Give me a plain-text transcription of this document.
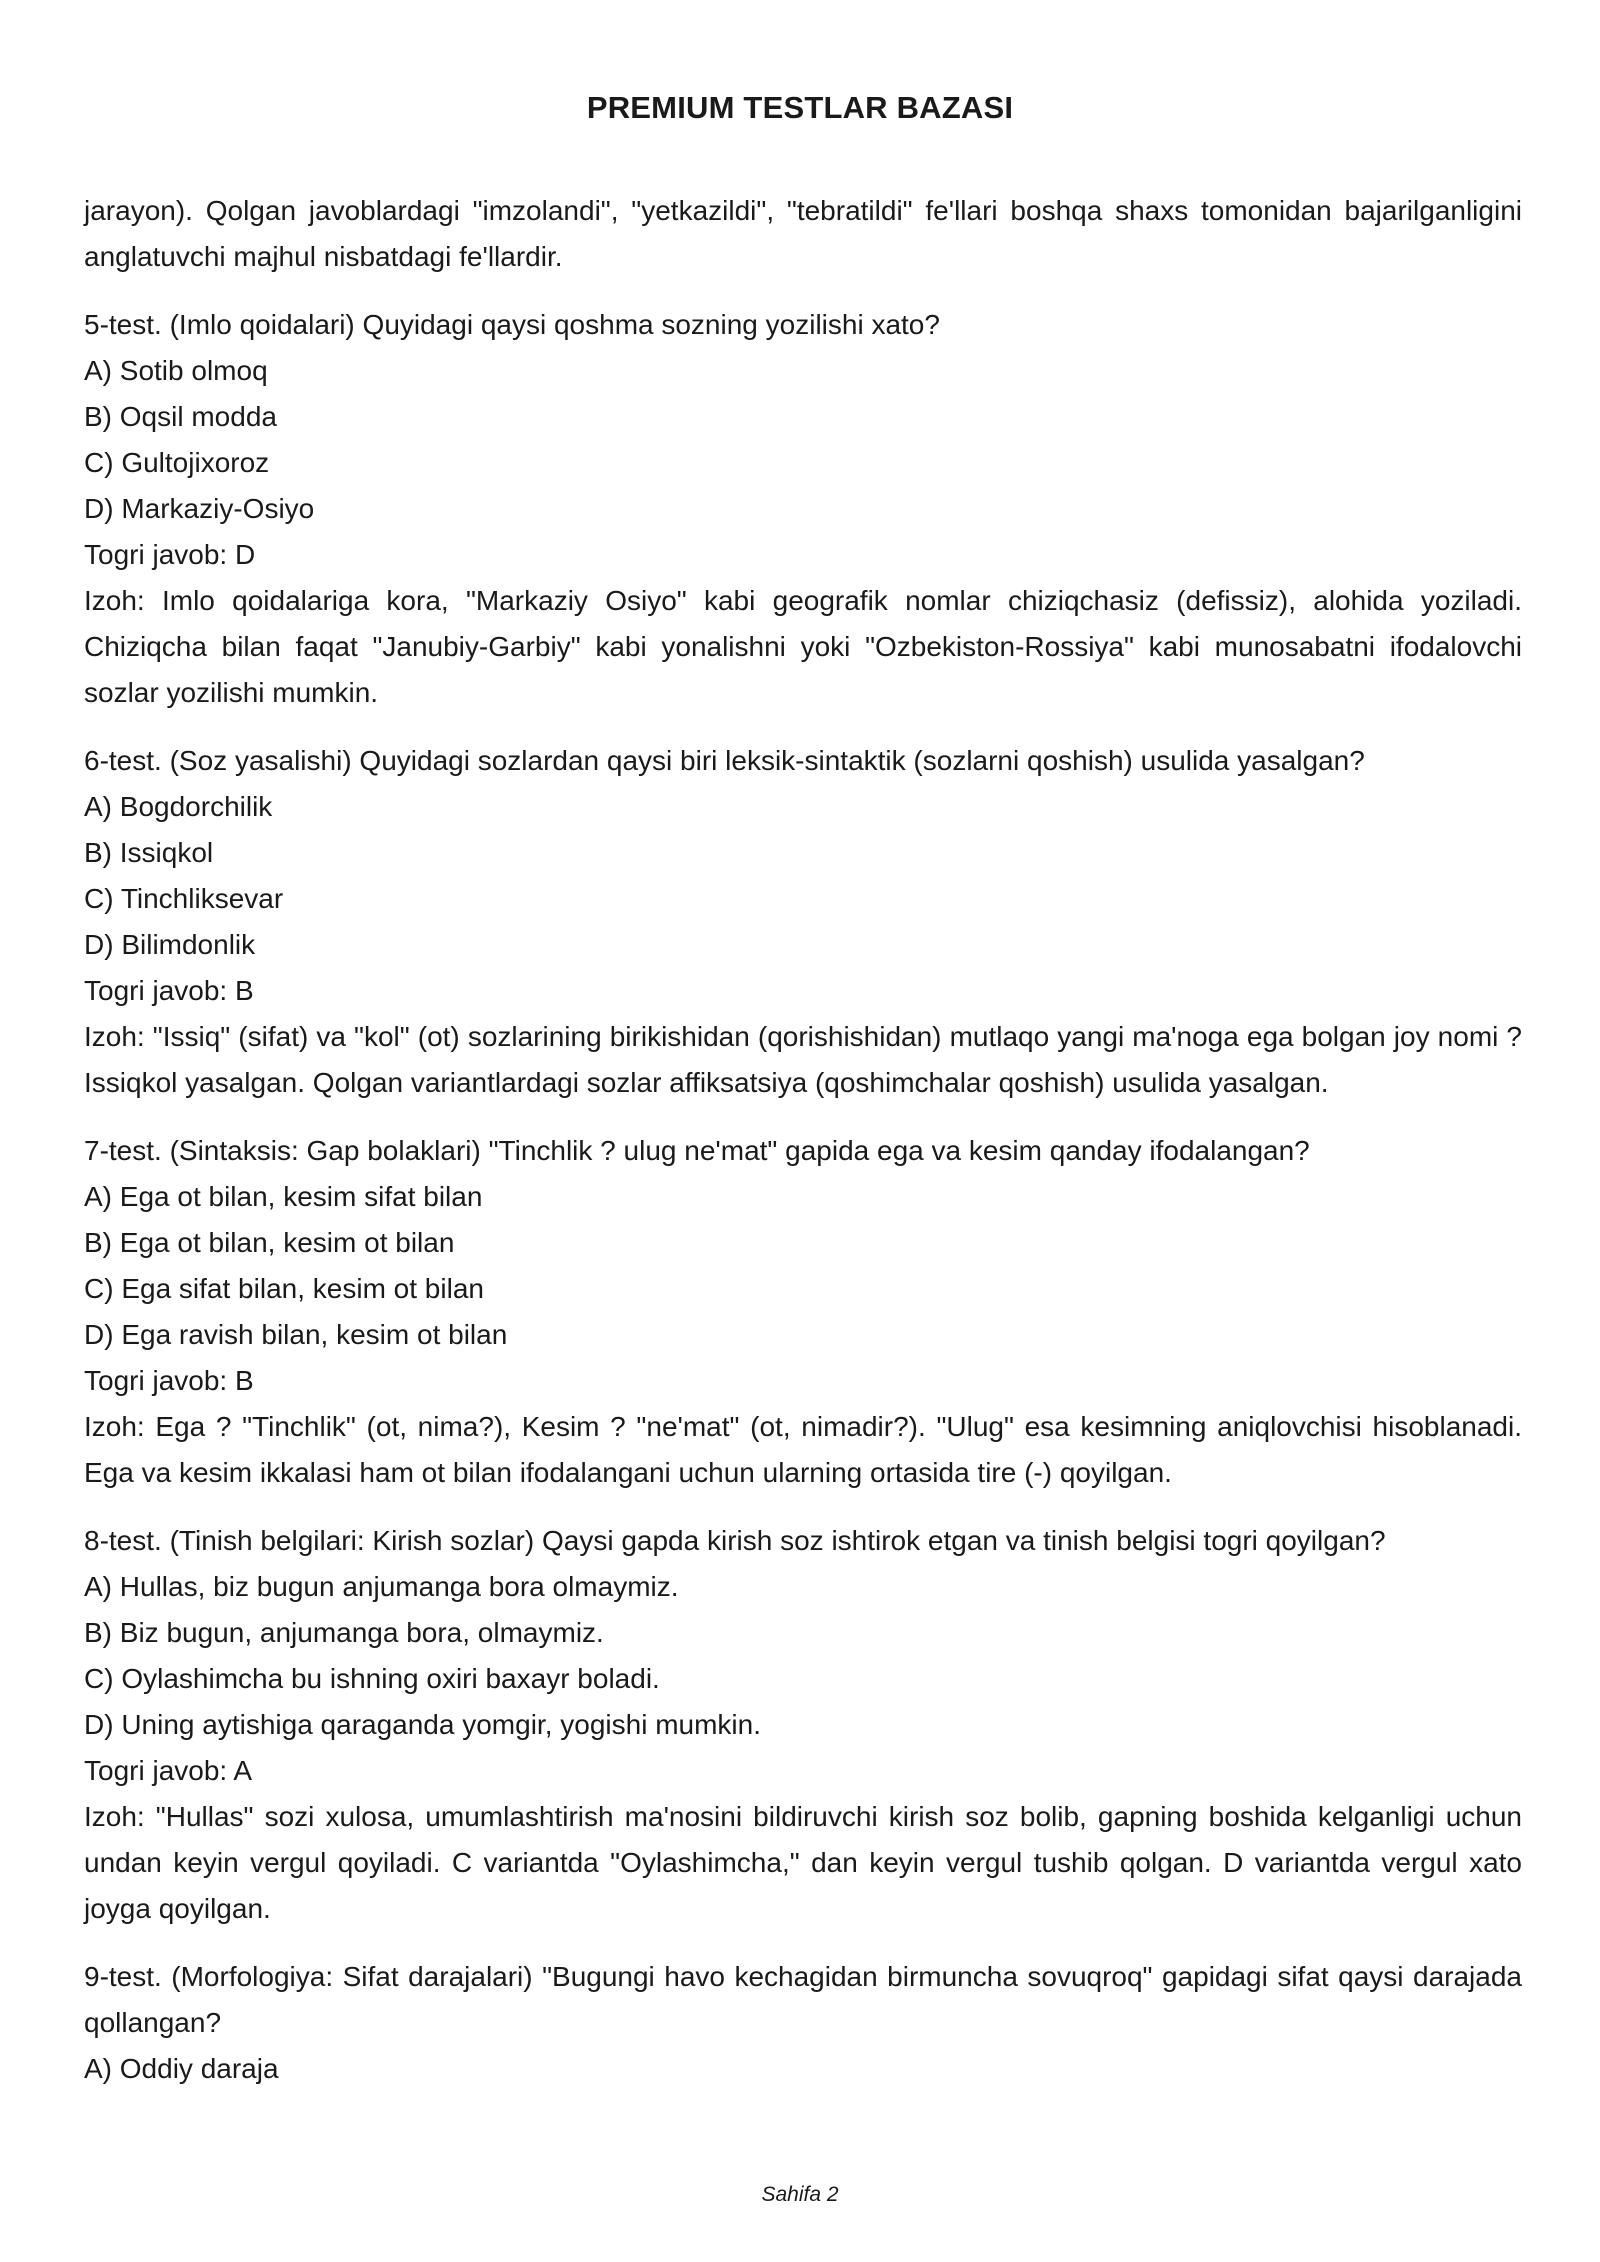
PREMIUM TESTLAR BAZASI

jarayon). Qolgan javoblardagi "imzolandi", "yetkazildi", "tebratildi" fe'llari boshqa shaxs tomonidan bajarilganligini anglatuvchi majhul nisbatdagi fe'llardir.

5-test. (Imlo qoidalari) Quyidagi qaysi qoshma sozning yozilishi xato?

A) Sotib olmoq

B) Oqsil modda

C) Gultojixoroz

D) Markaziy-Osiyo

Togri javob: D

Izoh: Imlo qoidalariga kora, "Markaziy Osiyo" kabi geografik nomlar chiziqchasiz (defissiz), alohida yoziladi. Chiziqcha bilan faqat "Janubiy-Garbiy" kabi yonalishni yoki "Ozbekiston-Rossiya" kabi munosabatni ifodalovchi sozlar yozilishi mumkin.

6-test. (Soz yasalishi) Quyidagi sozlardan qaysi biri leksik-sintaktik (sozlarni qoshish) usulida yasalgan?

A) Bogdorchilik

B) Issiqkol

C) Tinchliksevar

D) Bilimdonlik

Togri javob: B

Izoh: "Issiq" (sifat) va "kol" (ot) sozlarining birikishidan (qorishishidan) mutlaqo yangi ma'noga ega bolgan joy nomi ? Issiqkol yasalgan. Qolgan variantlardagi sozlar affiksatsiya (qoshimchalar qoshish) usulida yasalgan.

7-test. (Sintaksis: Gap bolaklari) "Tinchlik ? ulug ne'mat" gapida ega va kesim qanday ifodalangan?

A) Ega ot bilan, kesim sifat bilan

B) Ega ot bilan, kesim ot bilan

C) Ega sifat bilan, kesim ot bilan

D) Ega ravish bilan, kesim ot bilan

Togri javob: B

Izoh: Ega ? "Tinchlik" (ot, nima?), Kesim ? "ne'mat" (ot, nimadir?). "Ulug" esa kesimning aniqlovchisi hisoblanadi. Ega va kesim ikkalasi ham ot bilan ifodalangani uchun ularning ortasida tire (-) qoyilgan.

8-test. (Tinish belgilari: Kirish sozlar) Qaysi gapda kirish soz ishtirok etgan va tinish belgisi togri qoyilgan?

A) Hullas, biz bugun anjumanga bora olmaymiz.

B) Biz bugun, anjumanga bora, olmaymiz.

C) Oylashimcha bu ishning oxiri baxayr boladi.

D) Uning aytishiga qaraganda yomgir, yogishi mumkin.

Togri javob: A

Izoh: "Hullas" sozi xulosa, umumlashtirish ma'nosini bildiruvchi kirish soz bolib, gapning boshida kelganligi uchun undan keyin vergul qoyiladi. C variantda "Oylashimcha," dan keyin vergul tushib qolgan. D variantda vergul xato joyga qoyilgan.

9-test. (Morfologiya: Sifat darajalari) "Bugungi havo kechagidan birmuncha sovuqroq" gapidagi sifat qaysi darajada qollangan?

A) Oddiy daraja

Sahifa 2
